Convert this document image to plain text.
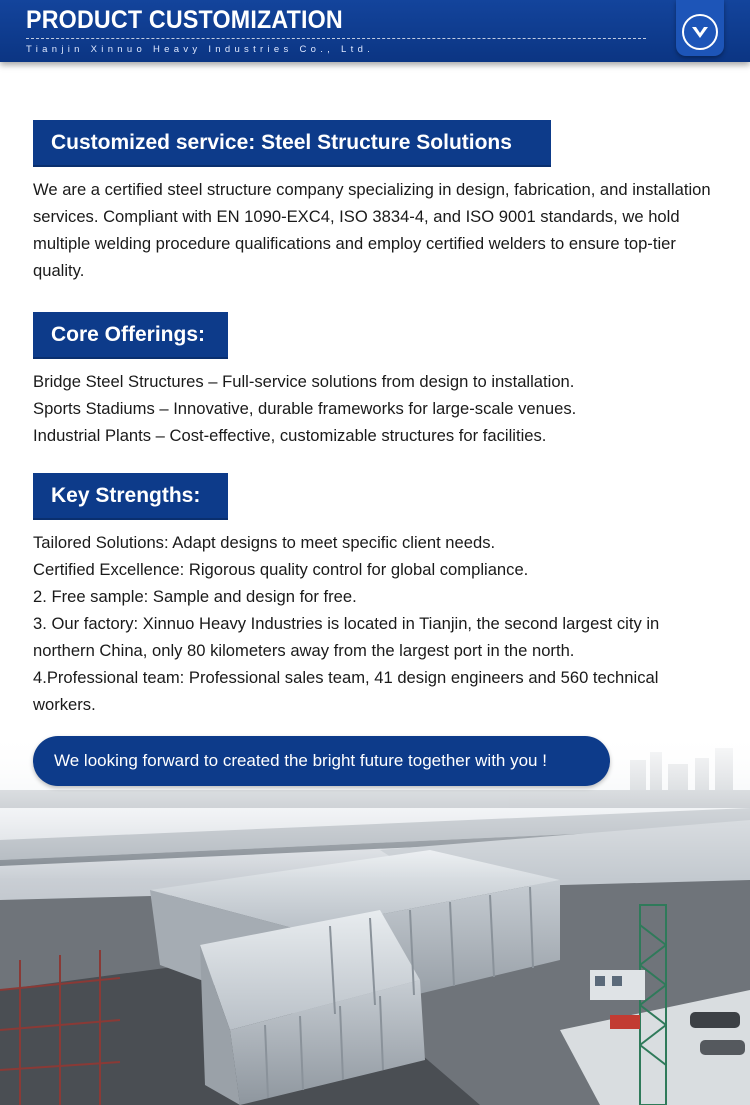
PRODUCT CUSTOMIZATION
Tianjin Xinnuo Heavy Industries Co., Ltd.
Customized service: Steel Structure Solutions
We are a certified steel structure company specializing in design, fabrication, and installation services. Compliant with EN 1090-EXC4, ISO 3834-4, and ISO 9001 standards, we hold multiple welding procedure qualifications and employ certified welders to ensure top-tier quality.
Core Offerings:
Bridge Steel Structures – Full-service solutions from design to installation.
Sports Stadiums – Innovative, durable frameworks for large-scale venues.
Industrial Plants – Cost-effective, customizable structures for facilities.
Key Strengths:
Tailored Solutions: Adapt designs to meet specific client needs.
Certified Excellence: Rigorous quality control for global compliance.
2. Free sample: Sample and design for free.
3. Our factory: Xinnuo Heavy Industries is located in Tianjin, the second largest city in northern China, only 80 kilometers away from the largest port in the north.
4.Professional team: Professional sales team, 41 design engineers and 560 technical workers.
We looking forward to created the bright future together with you !
